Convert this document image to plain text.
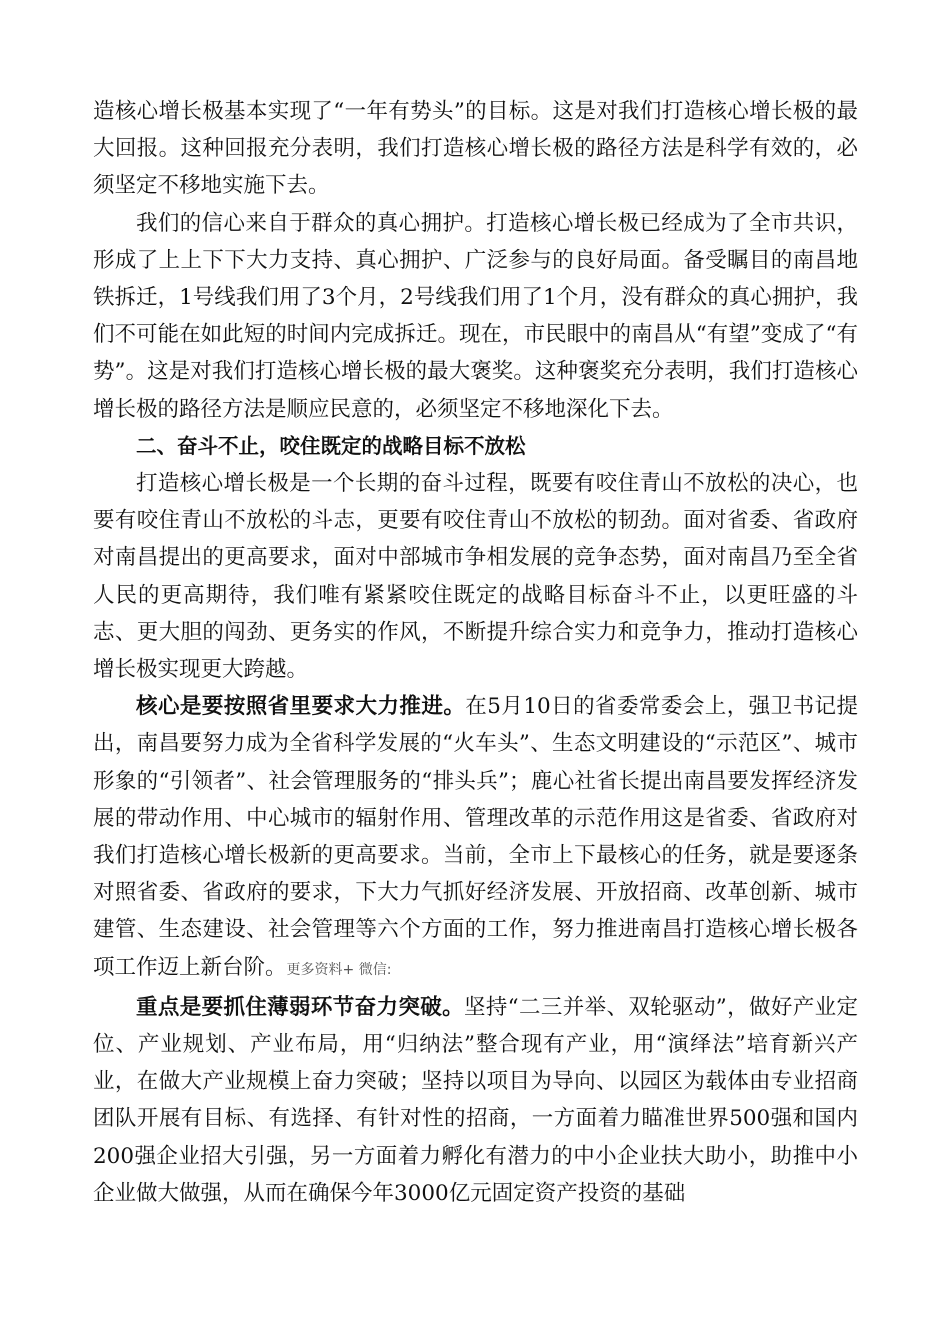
造核心增长极基本实现了“一年有势头”的目标。这是对我们打造核心增长极的最大回报。这种回报充分表明，我们打造核心增长极的路径方法是科学有效的，必须坚定不移地实施下去。

我们的信心来自于群众的真心拥护。打造核心增长极已经成为了全市共识，形成了上上下下大力支持、真心拥护、广泛参与的良好局面。备受瞩目的南昌地铁拆迁，1号线我们用了3个月，2号线我们用了1个月，没有群众的真心拥护，我们不可能在如此短的时间内完成拆迁。现在，市民眼中的南昌从“有望”变成了“有势”。这是对我们打造核心增长极的最大褒奖。这种褒奖充分表明，我们打造核心增长极的路径方法是顺应民意的，必须坚定不移地深化下去。

二、奋斗不止，咬住既定的战略目标不放松

打造核心增长极是一个长期的奋斗过程，既要有咬住青山不放松的决心，也要有咬住青山不放松的斗志，更要有咬住青山不放松的韧劲。面对省委、省政府对南昌提出的更高要求，面对中部城市争相发展的竞争态势，面对南昌乃至全省人民的更高期待，我们唯有紧紧咬住既定的战略目标奋斗不止，以更旺盛的斗志、更大胆的闯劲、更务实的作风，不断提升综合实力和竞争力，推动打造核心增长极实现更大跨越。

核心是要按照省里要求大力推进。在5月10日的省委常委会上，强卫书记提出，南昌要努力成为全省科学发展的“火车头”、生态文明建设的“示范区”、城市形象的“引领者”、社会管理服务的“排头兵”；鹿心社省长提出南昌要发挥经济发展的带动作用、中心城市的辐射作用、管理改革的示范作用这是省委、省政府对我们打造核心增长极新的更高要求。当前，全市上下最核心的任务，就是要逐条对照省委、省政府的要求，下大力气抓好经济发展、开放招商、改革创新、城市建管、生态建设、社会管理等六个方面的工作，努力推进南昌打造核心增长极各项工作迈上新台阶。更多资料+ 微信:

重点是要抓住薄弱环节奋力突破。坚持“二三并举、双轮驱动”，做好产业定位、产业规划、产业布局，用“归纳法”整合现有产业，用“演绎法”培育新兴产业，在做大产业规模上奋力突破；坚持以项目为导向、以园区为载体由专业招商团队开展有目标、有选择、有针对性的招商，一方面着力瞄准世界500强和国内200强企业招大引强，另一方面着力孵化有潜力的中小企业扶大助小，助推中小企业做大做强，从而在确保今年3000亿元固定资产投资的基础
